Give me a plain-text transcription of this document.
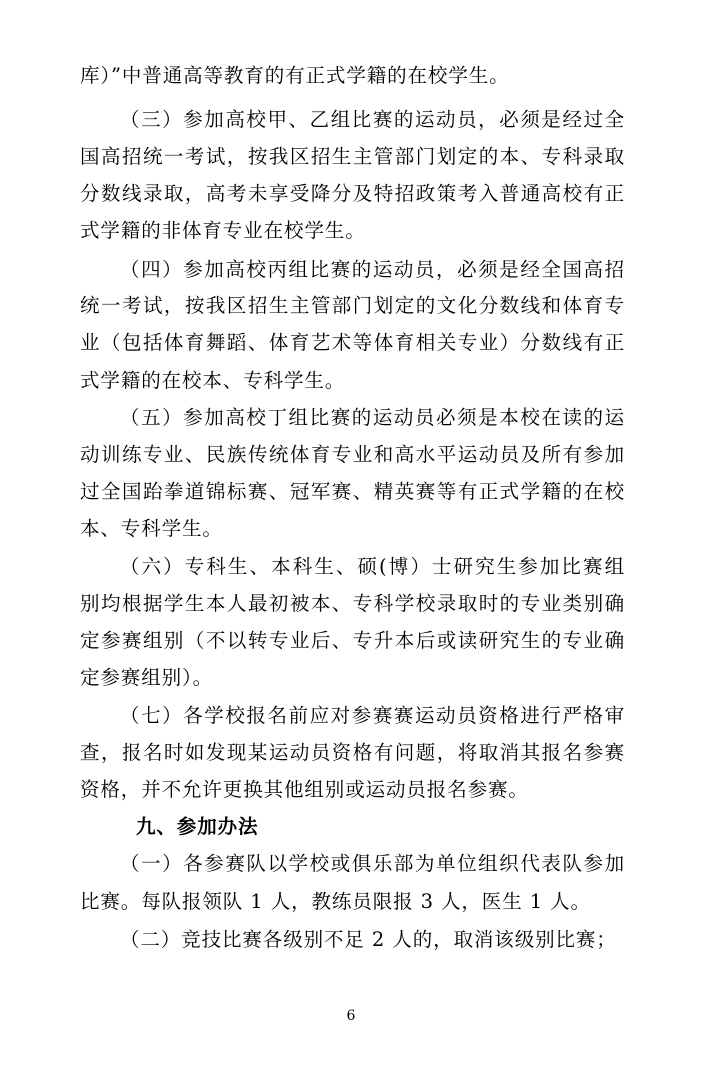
库）”中普通高等教育的有正式学籍的在校学生。
（三）参加高校甲、乙组比赛的运动员，必须是经过全
国高招统一考试，按我区招生主管部门划定的本、专科录取
分数线录取，高考未享受降分及特招政策考入普通高校有正
式学籍的非体育专业在校学生。
（四）参加高校丙组比赛的运动员，必须是经全国高招
统一考试，按我区招生主管部门划定的文化分数线和体育专
业（包括体育舞蹈、体育艺术等体育相关专业）分数线有正
式学籍的在校本、专科学生。
（五）参加高校丁组比赛的运动员必须是本校在读的运
动训练专业、民族传统体育专业和高水平运动员及所有参加
过全国跆拳道锦标赛、冠军赛、精英赛等有正式学籍的在校
本、专科学生。
（六）专科生、本科生、硕(博）士研究生参加比赛组
别均根据学生本人最初被本、专科学校录取时的专业类别确
定参赛组别（不以转专业后、专升本后或读研究生的专业确
定参赛组别）。
（七）各学校报名前应对参赛赛运动员资格进行严格审
查，报名时如发现某运动员资格有问题，将取消其报名参赛
资格，并不允许更换其他组别或运动员报名参赛。
九、参加办法
（一）各参赛队以学校或俱乐部为单位组织代表队参加
比赛。每队报领队 1 人，教练员限报 3 人，医生 1 人。
（二）竞技比赛各级别不足 2 人的，取消该级别比赛；
6
